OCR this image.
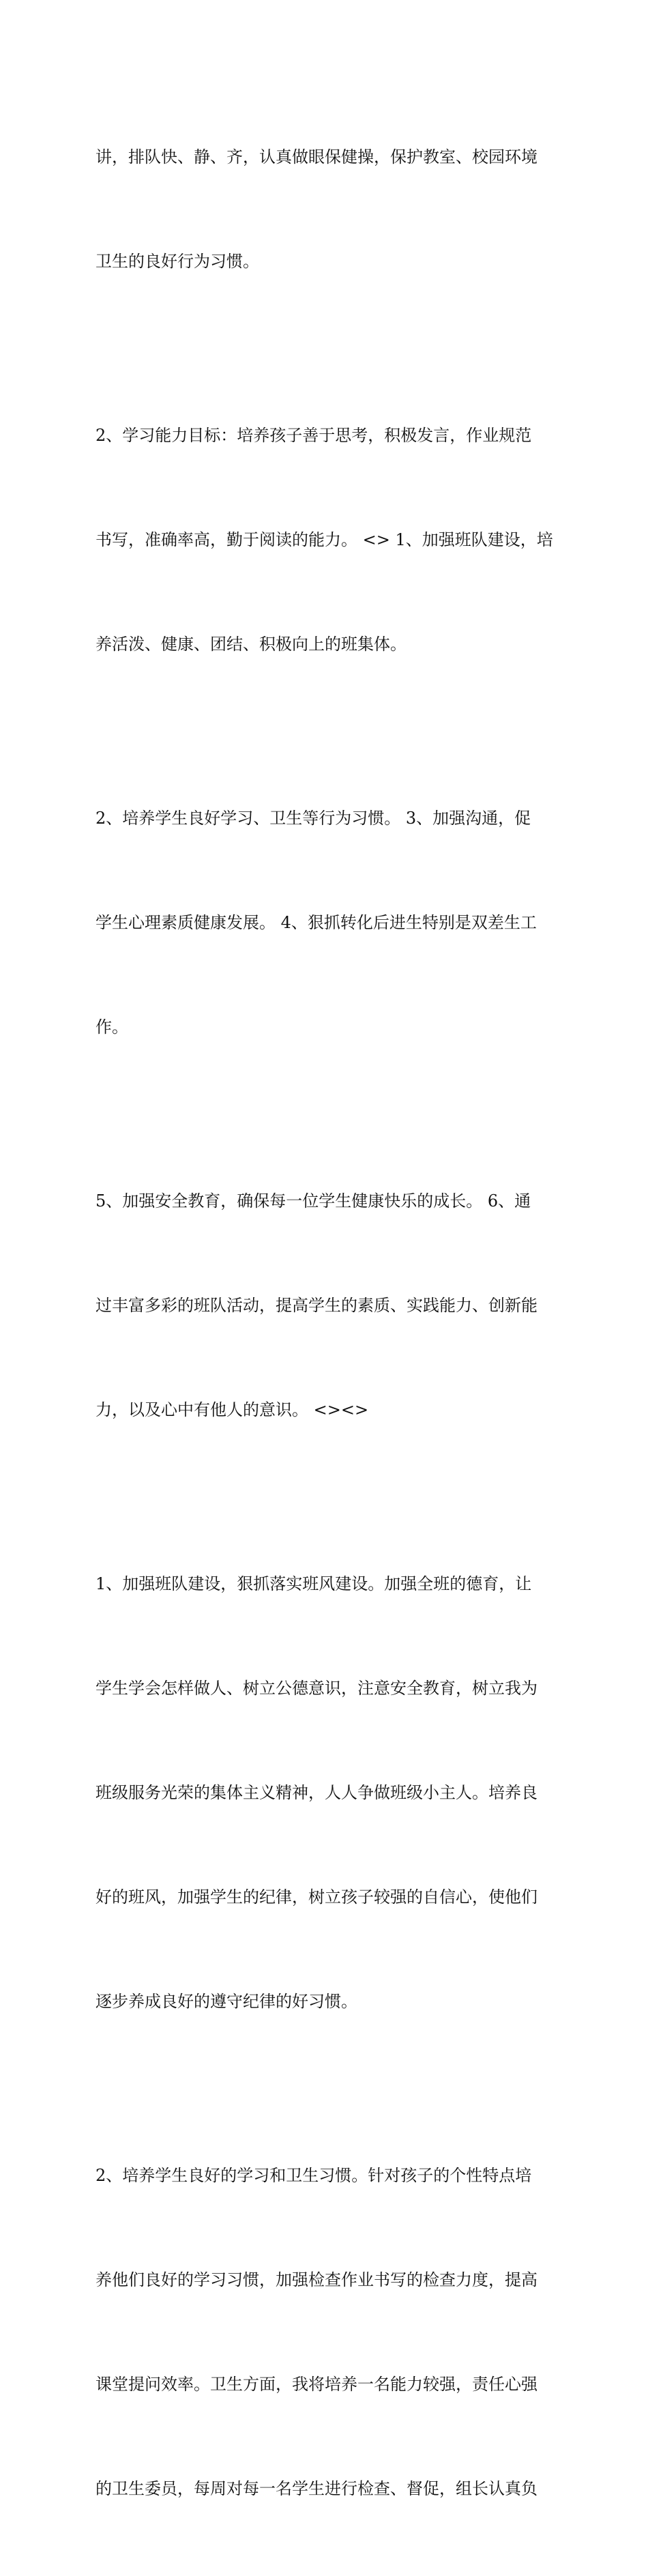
讲，排队快、静、齐，认真做眼保健操，保护教室、校园环境

卫生的良好行为习惯。

2、学习能力目标：培养孩子善于思考，积极发言，作业规范

书写，准确率高，勤于阅读的能力。 <> 1、加强班队建设，培

养活泼、健康、团结、积极向上的班集体。

2、培养学生良好学习、卫生等行为习惯。 3、加强沟通，促

学生心理素质健康发展。 4、狠抓转化后进生特别是双差生工

作。

5、加强安全教育，确保每一位学生健康快乐的成长。 6、通

过丰富多彩的班队活动，提高学生的素质、实践能力、创新能

力，以及心中有他人的意识。 <><>

1、加强班队建设，狠抓落实班风建设。加强全班的德育，让

学生学会怎样做人、树立公德意识，注意安全教育，树立我为

班级服务光荣的集体主义精神，人人争做班级小主人。培养良

好的班风，加强学生的纪律，树立孩子较强的自信心，使他们

逐步养成良好的遵守纪律的好习惯。

2、培养学生良好的学习和卫生习惯。针对孩子的个性特点培

养他们良好的学习习惯，加强检查作业书写的检查力度，提高

课堂提问效率。卫生方面，我将培养一名能力较强，责任心强

的卫生委员，每周对每一名学生进行检查、督促，组长认真负
